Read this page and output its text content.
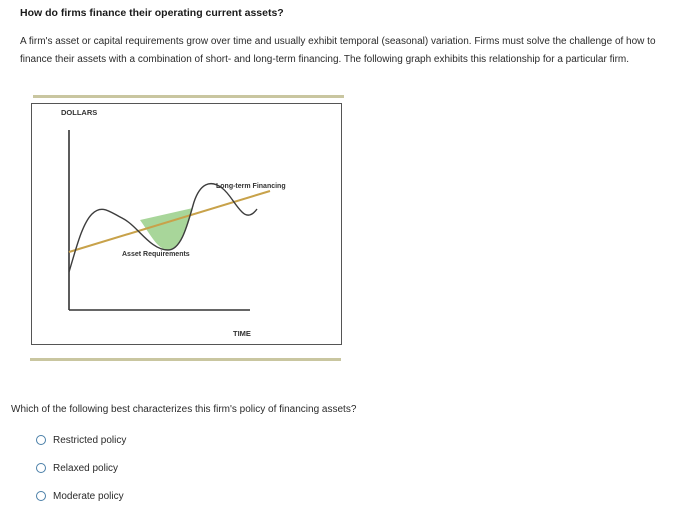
How do firms finance their operating current assets?
A firm's asset or capital requirements grow over time and usually exhibit temporal (seasonal) variation. Firms must solve the challenge of how to
finance their assets with a combination of short- and long-term financing. The following graph exhibits this relationship for a particular firm.
DOLLARS
Long-term Financing
Asset Requirements
TIME
Which of the following best characterizes this firm's policy of financing assets?
Restricted policy
Relaxed policy
Moderate policy
